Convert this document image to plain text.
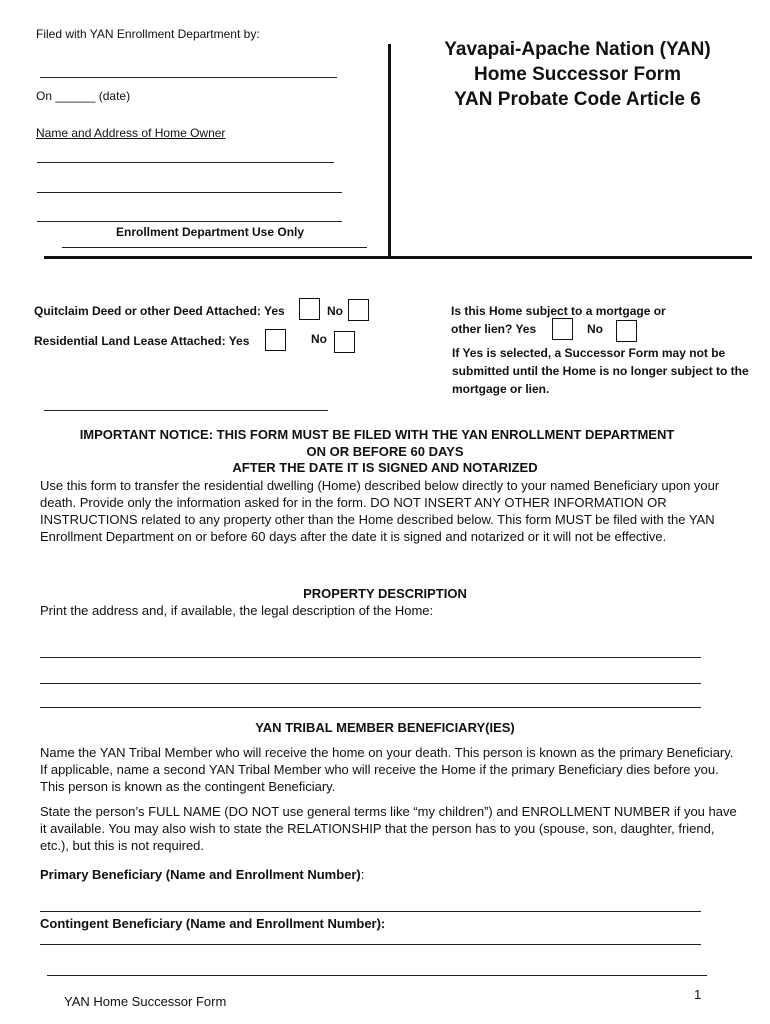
Filed with YAN Enrollment Department by:
On ______ (date)
Name and Address of Home Owner
Enrollment Department Use Only
Yavapai-Apache Nation (YAN)
Home Successor Form
YAN Probate Code Article 6
Quitclaim Deed or other Deed Attached: Yes	No
Residential Land Lease Attached: Yes	No
Is this Home subject to a mortgage or
other lien? Yes	No
If Yes is selected, a Successor Form may not be submitted until the Home is no longer subject to the mortgage or lien.
IMPORTANT NOTICE: THIS FORM MUST BE FILED WITH THE YAN ENROLLMENT DEPARTMENT
ON OR BEFORE 60 DAYS
AFTER THE DATE IT IS SIGNED AND NOTARIZED
Use this form to transfer the residential dwelling (Home) described below directly to your named Beneficiary upon your death. Provide only the information asked for in the form. DO NOT INSERT ANY OTHER INFORMATION OR INSTRUCTIONS related to any property other than the Home described below. This form MUST be filed with the YAN Enrollment Department on or before 60 days after the date it is signed and notarized or it will not be effective.
PROPERTY DESCRIPTION
Print the address and, if available, the legal description of the Home:
YAN TRIBAL MEMBER BENEFICIARY(IES)
Name the YAN Tribal Member who will receive the home on your death. This person is known as the primary Beneficiary. If applicable, name a second YAN Tribal Member who will receive the Home if the primary Beneficiary dies before you. This person is known as the contingent Beneficiary.
State the person’s FULL NAME (DO NOT use general terms like “my children”) and ENROLLMENT NUMBER if you have it available. You may also wish to state the RELATIONSHIP that the person has to you (spouse, son, daughter, friend, etc.), but this is not required.
Primary Beneficiary (Name and Enrollment Number):
Contingent Beneficiary (Name and Enrollment Number):
YAN Home Successor Form	1
